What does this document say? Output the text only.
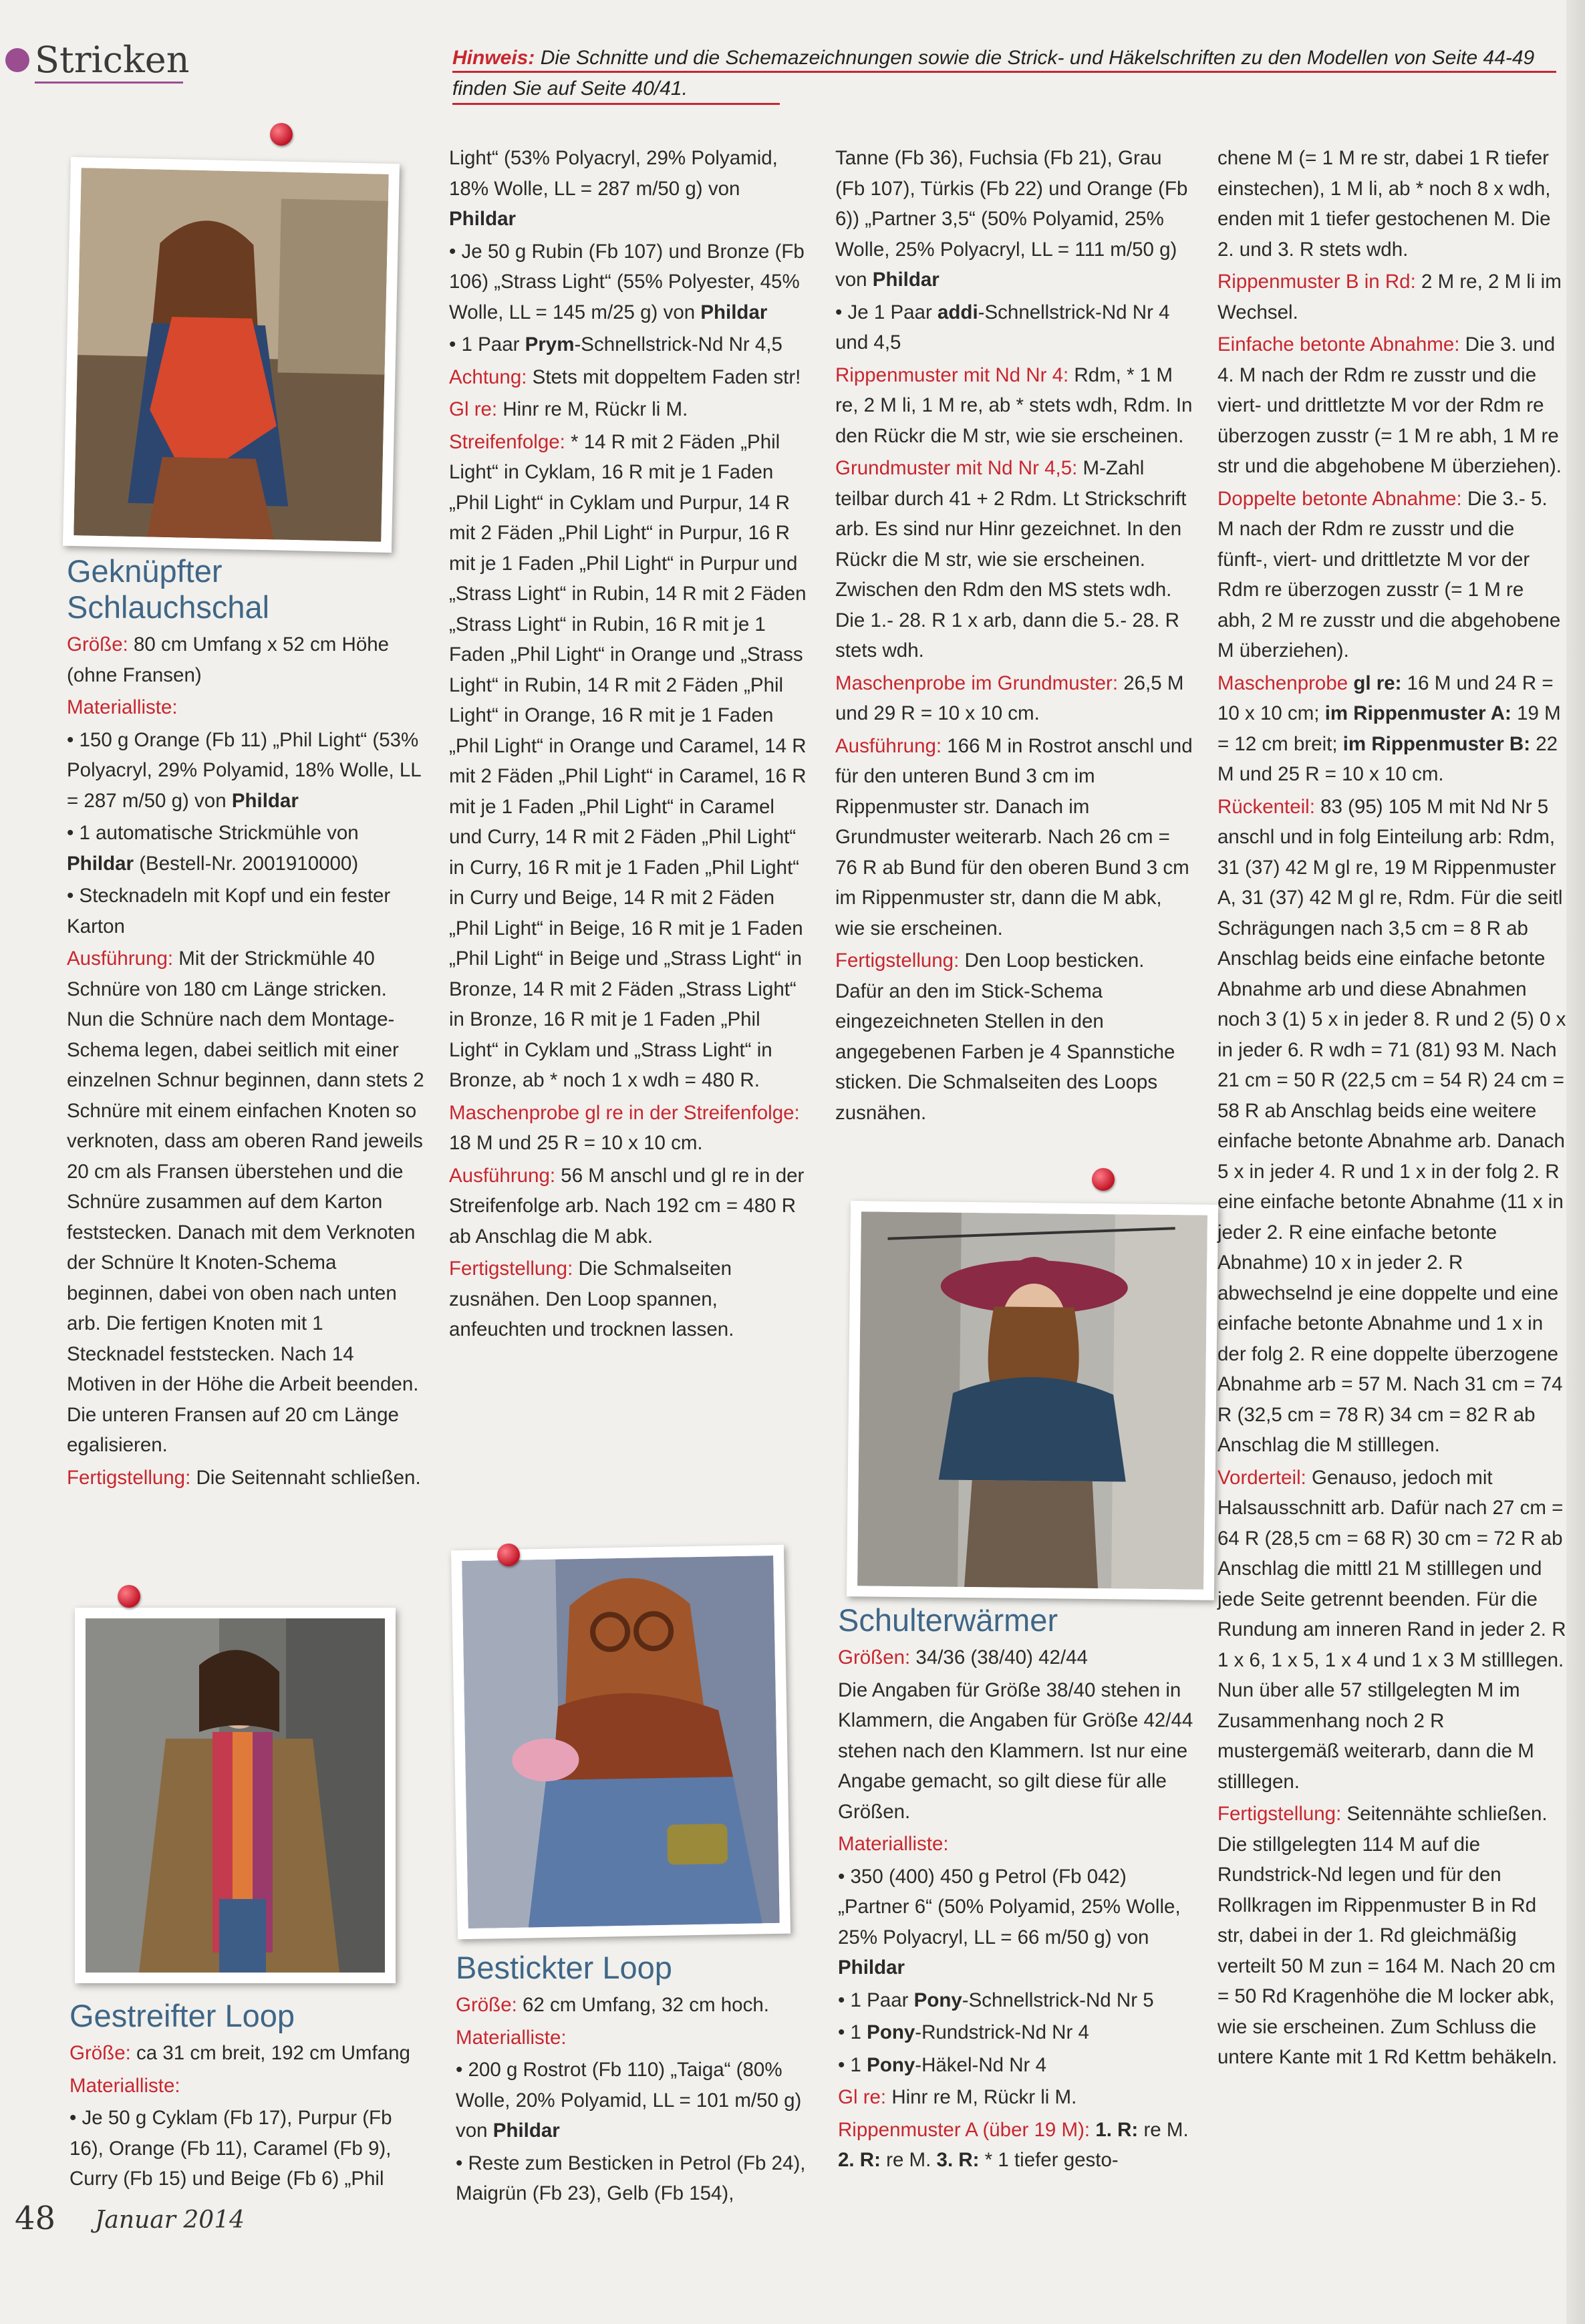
Stricken	Hinweis: Die Schnitte und die Schemazeichnungen sowie die Strick- und Häkelschriften zu den Modellen von Seite 44-49 finden Sie auf Seite 40/41.
Geknüpfter Schlauchschal

Größe: 80 cm Umfang x 52 cm Höhe (ohne Fransen)

Materialliste:

• 150 g Orange (Fb 11) „Phil Light“ (53% Polyacryl, 29% Polyamid, 18% Wolle, LL = 287 m/50 g) von Phildar

• 1 automatische Strickmühle von Phildar (Bestell-Nr. 2001910000)

• Stecknadeln mit Kopf und ein fester Karton

Ausführung: Mit der Strickmühle 40 Schnüre von 180 cm Länge stricken. Nun die Schnüre nach dem Montage-Schema legen, dabei seitlich mit einer einzelnen Schnur beginnen, dann stets 2 Schnüre mit einem einfachen Knoten so verknoten, dass am oberen Rand jeweils 20 cm als Fransen überstehen und die Schnüre zusammen auf dem Karton feststecken. Danach mit dem Verknoten der Schnüre lt Knoten-Schema beginnen, dabei von oben nach unten arb. Die fertigen Knoten mit 1 Stecknadel feststecken. Nach 14 Motiven in der Höhe die Arbeit beenden. Die unteren Fransen auf 20 cm Länge egalisieren.

Fertigstellung: Die Seitennaht schließen.

Gestreifter Loop

Größe: ca 31 cm breit, 192 cm Umfang

Materialliste:

• Je 50 g Cyklam (Fb 17), Purpur (Fb 16), Orange (Fb 11), Caramel (Fb 9), Curry (Fb 15) und Beige (Fb 6) „Phil

Light“ (53% Polyacryl, 29% Polyamid, 18% Wolle, LL = 287 m/50 g) von Phildar

• Je 50 g Rubin (Fb 107) und Bronze (Fb 106) „Strass Light“ (55% Polyester, 45% Wolle, LL = 145 m/25 g) von Phildar

• 1 Paar Prym-Schnellstrick-Nd Nr 4,5

Achtung: Stets mit doppeltem Faden str!

Gl re: Hinr re M, Rückr li M.

Streifenfolge: * 14 R mit 2 Fäden „Phil Light“ in Cyklam, 16 R mit je 1 Faden „Phil Light“ in Cyklam und Purpur, 14 R mit 2 Fäden „Phil Light“ in Purpur, 16 R mit je 1 Faden „Phil Light“ in Purpur und „Strass Light“ in Rubin, 14 R mit 2 Fäden „Strass Light“ in Rubin, 16 R mit je 1 Faden „Phil Light“ in Orange und „Strass Light“ in Rubin, 14 R mit 2 Fäden „Phil Light“ in Orange, 16 R mit je 1 Faden „Phil Light“ in Orange und Caramel, 14 R mit 2 Fäden „Phil Light“ in Caramel, 16 R mit je 1 Faden „Phil Light“ in Caramel und Curry, 14 R mit 2 Fäden „Phil Light“ in Curry, 16 R mit je 1 Faden „Phil Light“ in Curry und Beige, 14 R mit 2 Fäden „Phil Light“ in Beige, 16 R mit je 1 Faden „Phil Light“ in Beige und „Strass Light“ in Bronze, 14 R mit 2 Fäden „Strass Light“ in Bronze, 16 R mit je 1 Faden „Phil Light“ in Cyklam und „Strass Light“ in Bronze, ab * noch 1 x wdh = 480 R.

Maschenprobe gl re in der Streifenfolge: 18 M und 25 R = 10 x 10 cm.

Ausführung: 56 M anschl und gl re in der Streifenfolge arb. Nach 192 cm = 480 R ab Anschlag die M abk.

Fertigstellung: Die Schmalseiten zusnähen. Den Loop spannen, anfeuchten und trocknen lassen.

Bestickter Loop

Größe: 62 cm Umfang, 32 cm hoch.

Materialliste:

• 200 g Rostrot (Fb 110) „Taiga“ (80% Wolle, 20% Polyamid, LL = 101 m/50 g) von Phildar

• Reste zum Besticken in Petrol (Fb 24), Maigrün (Fb 23), Gelb (Fb 154),

Tanne (Fb 36), Fuchsia (Fb 21), Grau (Fb 107), Türkis (Fb 22) und Orange (Fb 6)) „Partner 3,5“ (50% Polyamid, 25% Wolle, 25% Polyacryl, LL = 111 m/50 g) von Phildar

• Je 1 Paar addi-Schnellstrick-Nd Nr 4 und 4,5

Rippenmuster mit Nd Nr 4: Rdm, * 1 M re, 2 M li, 1 M re, ab * stets wdh, Rdm. In den Rückr die M str, wie sie erscheinen.

Grundmuster mit Nd Nr 4,5: M-Zahl teilbar durch 41 + 2 Rdm. Lt Strickschrift arb. Es sind nur Hinr gezeichnet. In den Rückr die M str, wie sie erscheinen. Zwischen den Rdm den MS stets wdh. Die 1.- 28. R 1 x arb, dann die 5.- 28. R stets wdh.

Maschenprobe im Grundmuster: 26,5 M und 29 R = 10 x 10 cm.

Ausführung: 166 M in Rostrot anschl und für den unteren Bund 3 cm im Rippenmuster str. Danach im Grundmuster weiterarb. Nach 26 cm = 76 R ab Bund für den oberen Bund 3 cm im Rippenmuster str, dann die M abk, wie sie erscheinen.

Fertigstellung: Den Loop besticken. Dafür an den im Stick-Schema eingezeichneten Stellen in den angegebenen Farben je 4 Spannstiche sticken. Die Schmalseiten des Loops zusnähen.

Schulterwärmer

Größen: 34/36 (38/40) 42/44

Die Angaben für Größe 38/40 stehen in Klammern, die Angaben für Größe 42/44 stehen nach den Klammern. Ist nur eine Angabe gemacht, so gilt diese für alle Größen.

Materialliste:

• 350 (400) 450 g Petrol (Fb 042) „Partner 6“ (50% Polyamid, 25% Wolle, 25% Polyacryl, LL = 66 m/50 g) von Phildar

• 1 Paar Pony-Schnellstrick-Nd Nr 5

• 1 Pony-Rundstrick-Nd Nr 4

• 1 Pony-Häkel-Nd Nr 4

Gl re: Hinr re M, Rückr li M.

Rippenmuster A (über 19 M): 1. R: re M. 2. R: re M. 3. R: * 1 tiefer gesto-

chene M (= 1 M re str, dabei 1 R tiefer einstechen), 1 M li, ab * noch 8 x wdh, enden mit 1 tiefer gestochenen M. Die 2. und 3. R stets wdh.

Rippenmuster B in Rd: 2 M re, 2 M li im Wechsel.

Einfache betonte Abnahme: Die 3. und 4. M nach der Rdm re zusstr und die viert- und drittletzte M vor der Rdm re überzogen zusstr (= 1 M re abh, 1 M re str und die abgehobene M überziehen).

Doppelte betonte Abnahme: Die 3.- 5. M nach der Rdm re zusstr und die fünft-, viert- und drittletzte M vor der Rdm re überzogen zusstr (= 1 M re abh, 2 M re zusstr und die abgehobene M überziehen).

Maschenprobe gl re: 16 M und 24 R = 10 x 10 cm; im Rippenmuster A: 19 M = 12 cm breit; im Rippenmuster B: 22 M und 25 R = 10 x 10 cm.

Rückenteil: 83 (95) 105 M mit Nd Nr 5 anschl und in folg Einteilung arb: Rdm, 31 (37) 42 M gl re, 19 M Rippenmuster A, 31 (37) 42 M gl re, Rdm. Für die seitl Schrägungen nach 3,5 cm = 8 R ab Anschlag beids eine einfache betonte Abnahme arb und diese Abnahmen noch 3 (1) 5 x in jeder 8. R und 2 (5) 0 x in jeder 6. R wdh = 71 (81) 93 M. Nach 21 cm = 50 R (22,5 cm = 54 R) 24 cm = 58 R ab Anschlag beids eine weitere einfache betonte Abnahme arb. Danach 5 x in jeder 4. R und 1 x in der folg 2. R eine einfache betonte Abnahme (11 x in jeder 2. R eine einfache betonte Abnahme) 10 x in jeder 2. R abwechselnd je eine doppelte und eine einfache betonte Abnahme und 1 x in der folg 2. R eine doppelte überzogene Abnahme arb = 57 M. Nach 31 cm = 74 R (32,5 cm = 78 R) 34 cm = 82 R ab Anschlag die M stilllegen.

Vorderteil: Genauso, jedoch mit Halsausschnitt arb. Dafür nach 27 cm = 64 R (28,5 cm = 68 R) 30 cm = 72 R ab Anschlag die mittl 21 M stilllegen und jede Seite getrennt beenden. Für die Rundung am inneren Rand in jeder 2. R 1 x 6, 1 x 5, 1 x 4 und 1 x 3 M stilllegen. Nun über alle 57 stillgelegten M im Zusammenhang noch 2 R mustergemäß weiterarb, dann die M stilllegen.

Fertigstellung: Seitennähte schließen. Die stillgelegten 114 M auf die Rundstrick-Nd legen und für den Rollkragen im Rippenmuster B in Rd str, dabei in der 1. Rd gleichmäßig verteilt 50 M zun = 164 M. Nach 20 cm = 50 Rd Kragenhöhe die M locker abk, wie sie erscheinen. Zum Schluss die untere Kante mit 1 Rd Kettm behäkeln.

48 Januar 2014
